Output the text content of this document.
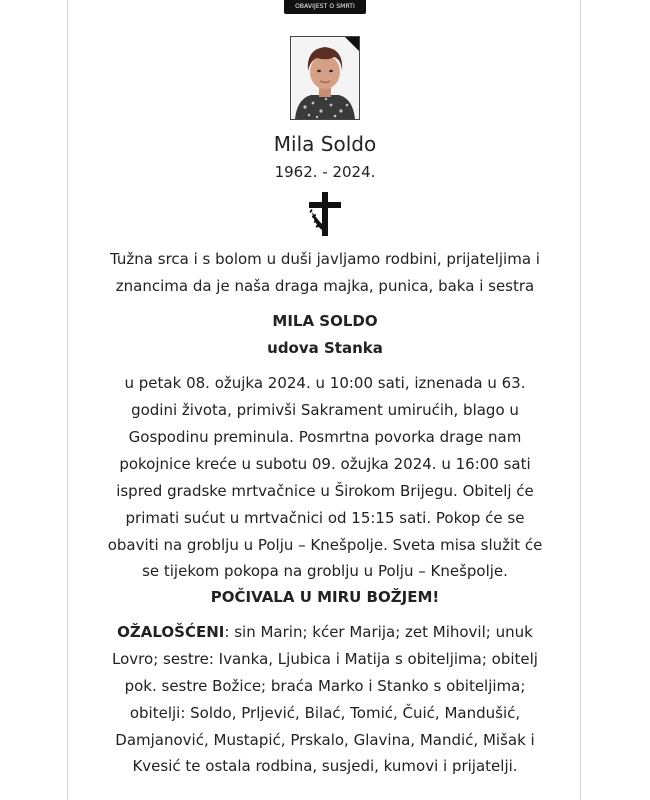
OBAVIJEST O SMRTI
Mila Soldo
1962. - 2024.
Tužna srca i s bolom u duši javljamo rodbini, prijateljima i
znancima da je naša draga majka, punica, baka i sestra
MILA SOLDO
udova Stanka
u petak 08. ožujka 2024. u 10:00 sati, iznenada u 63.
godini života, primivši Sakrament umirućih, blago u
Gospodinu preminula. Posmrtna povorka drage nam
pokojnice kreće u subotu 09. ožujka 2024. u 16:00 sati
ispred gradske mrtvačnice u Širokom Brijegu. Obitelj će
primati sućut u mrtvačnici od 15:15 sati. Pokop će se
obaviti na groblju u Polju – Knešpolje. Sveta misa služit će
se tijekom pokopa na groblju u Polju – Knešpolje.
POČIVALA U MIRU BOŽJEM!
OŽALOŠĆENI: sin Marin; kćer Marija; zet Mihovil; unuk
Lovro; sestre: Ivanka, Ljubica i Matija s obiteljima; obitelj
pok. sestre Božice; braća Marko i Stanko s obiteljima;
obitelji: Soldo, Prljević, Bilać, Tomić, Čuić, Mandušić,
Damjanović, Mustapić, Prskalo, Glavina, Mandić, Mišak i
Kvesić te ostala rodbina, susjedi, kumovi i prijatelji.
